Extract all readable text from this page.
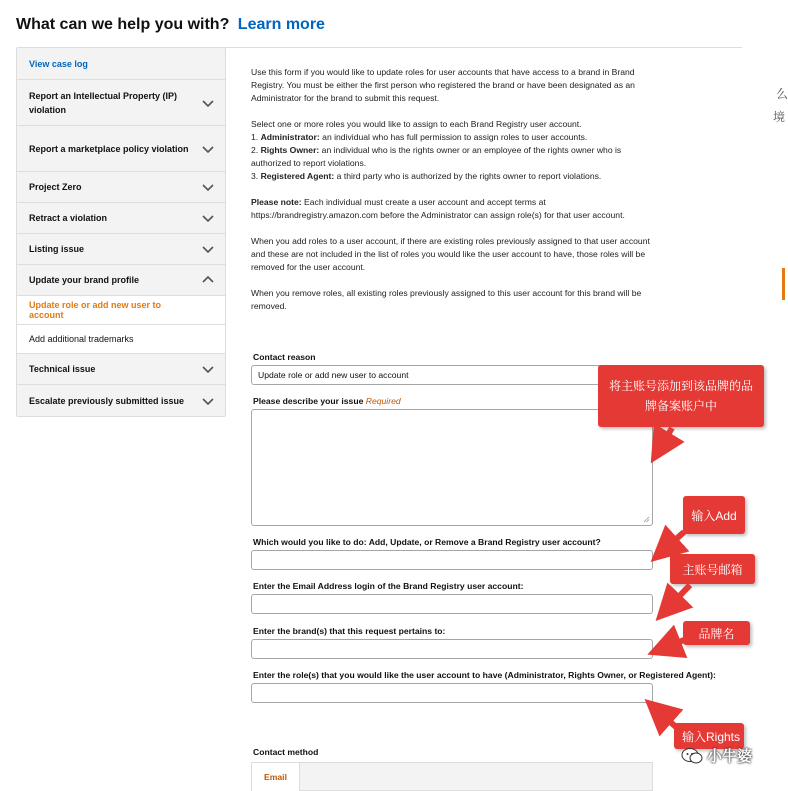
What can we help you with? Learn more
View case log
Report an Intellectual Property (IP) violation
Report a marketplace policy violation
Project Zero
Retract a violation
Listing issue
Update your brand profile
Update role or add new user to account
Add additional trademarks
Technical issue
Escalate previously submitted issue

Use this form if you would like to update roles for user accounts that have access to a brand in Brand Registry. You must be either the first person who registered the brand or have been designated as an Administrator for the brand to submit this request.

Select one or more roles you would like to assign to each Brand Registry user account.
1. Administrator: an individual who has full permission to assign roles to user accounts.
2. Rights Owner: an individual who is the rights owner or an employee of the rights owner who is authorized to report violations.
3. Registered Agent: a third party who is authorized by the rights owner to report violations.

Please note: Each individual must create a user account and accept terms at https://brandregistry.amazon.com before the Administrator can assign role(s) for that user account.

When you add roles to a user account, if there are existing roles previously assigned to that user account and these are not included in the list of roles you would like the user account to have, those roles will be removed for the user account.

When you remove roles, all existing roles previously assigned to this user account for this brand will be removed.

Contact reason
Update role or add new user to account
Please describe your issue Required
Which would you like to do: Add, Update, or Remove a Brand Registry user account?
Enter the Email Address login of the Brand Registry user account:
Enter the brand(s) that this request pertains to:
Enter the role(s) that you would like the user account to have (Administrator, Rights Owner, or Registered Agent):
Contact method
Email
将主账号添加到该品牌的品牌备案账户中
输入Add
主账号邮箱
品牌名
输入Rights
么
境
小牛婆
